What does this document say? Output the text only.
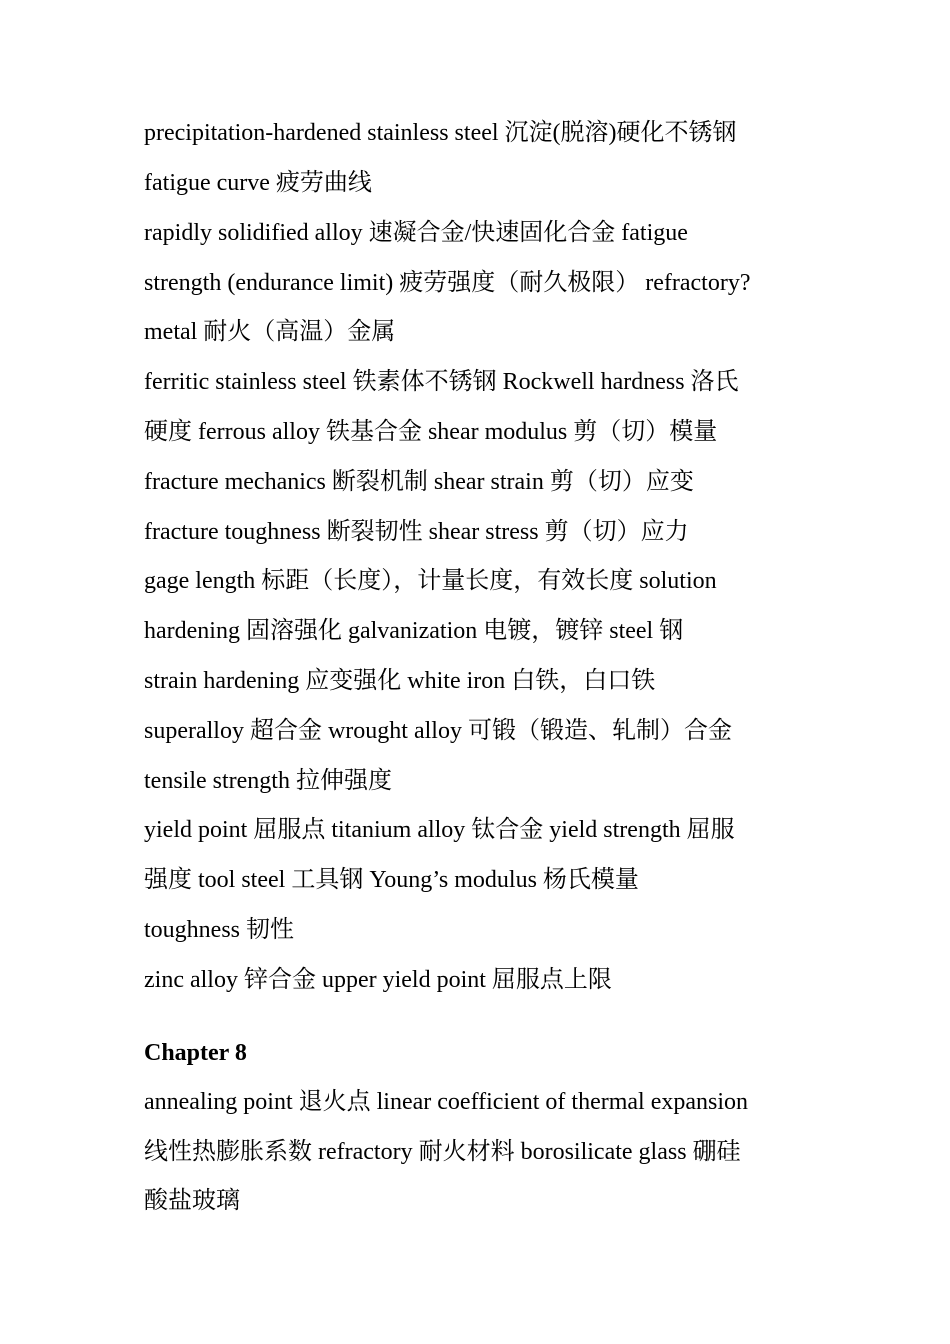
precipitation-hardened stainless steel 沉淀(脱溶)硬化不锈钢
fatigue curve 疲劳曲线
rapidly solidified alloy 速凝合金/快速固化合金 fatigue
strength (endurance limit) 疲劳强度（耐久极限） refractory?
metal 耐火（高温）金属
ferritic stainless steel 铁素体不锈钢 Rockwell hardness 洛氏
硬度 ferrous alloy 铁基合金 shear modulus 剪（切）模量
fracture mechanics 断裂机制 shear strain 剪（切）应变
fracture toughness 断裂韧性 shear stress 剪（切）应力
gage length 标距（长度），计量长度，有效长度 solution
hardening 固溶强化 galvanization 电镀，镀锌 steel 钢
strain hardening 应变强化 white iron 白铁，白口铁
superalloy 超合金 wrought alloy 可锻（锻造、轧制）合金
tensile strength 拉伸强度
yield point 屈服点 titanium alloy 钛合金 yield strength 屈服
强度 tool steel 工具钢 Young’s modulus 杨氏模量
toughness 韧性
zinc alloy 锌合金 upper yield point 屈服点上限
Chapter 8
annealing point 退火点 linear coefficient of thermal expansion
线性热膨胀系数 refractory 耐火材料 borosilicate glass 硼硅
酸盐玻璃
